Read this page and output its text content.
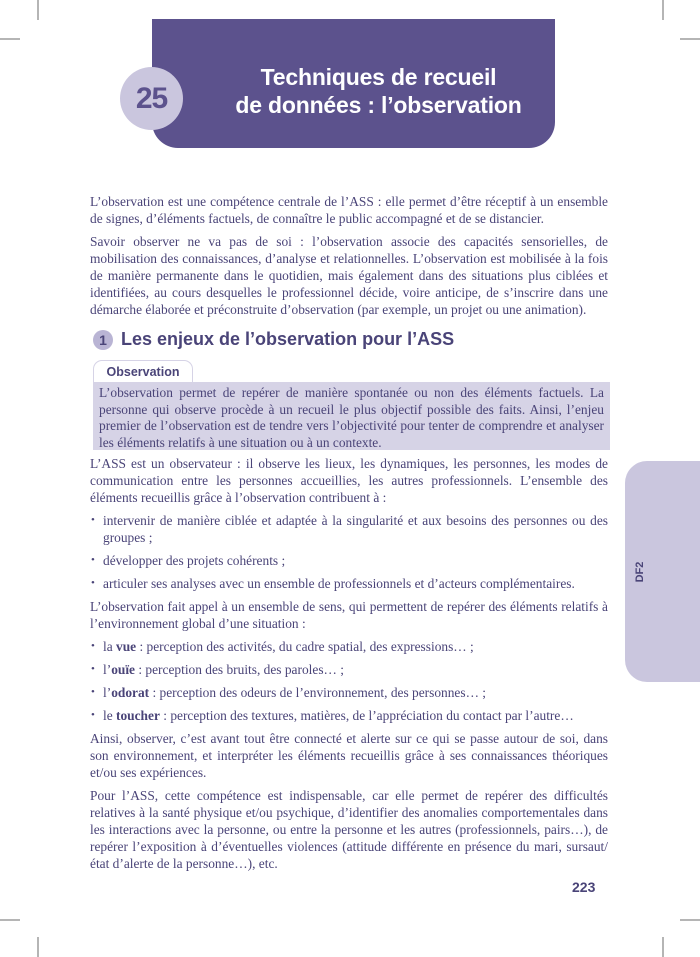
Techniques de recueil
de données : l’observation
25

L’observation est une compétence centrale de l’ASS : elle permet d’être réceptif à un ensemble de signes, d’éléments factuels, de connaître le public accompagné et de se distancier.

Savoir observer ne va pas de soi : l’observation associe des capacités sensorielles, de mobilisation des connaissances, d’analyse et relationnelles. L’observation est mobilisée à la fois de manière permanente dans le quotidien, mais également dans des situations plus ciblées et identifiées, au cours desquelles le professionnel décide, voire anticipe, de s’inscrire dans une démarche élaborée et préconstruite d’observation (par exemple, un projet ou une animation).

1 Les enjeux de l’observation pour l’ASS
Observation
L’observation permet de repérer de manière spontanée ou non des éléments factuels. La personne qui observe procède à un recueil le plus objectif possible des faits. Ainsi, l’enjeu premier de l’observation est de tendre vers l’objectivité pour tenter de comprendre et analyser les éléments relatifs à une situation ou à un contexte.

L’ASS est un observateur : il observe les lieux, les dynamiques, les personnes, les modes de communication entre les personnes accueillies, les autres professionnels. L’ensemble des éléments recueillis grâce à l’observation contribuent à :

• intervenir de manière ciblée et adaptée à la singularité et aux besoins des personnes ou des groupes ;
• développer des projets cohérents ;
• articuler ses analyses avec un ensemble de professionnels et d’acteurs complémentaires.

L’observation fait appel à un ensemble de sens, qui permettent de repérer des éléments relatifs à l’environnement global d’une situation :

• la vue : perception des activités, du cadre spatial, des expressions… ;
• l’ouïe : perception des bruits, des paroles… ;
• l’odorat : perception des odeurs de l’environnement, des personnes… ;
• le toucher : perception des textures, matières, de l’appréciation du contact par l’autre…

Ainsi, observer, c’est avant tout être connecté et alerte sur ce qui se passe autour de soi, dans son environnement, et interpréter les éléments recueillis grâce à ses connaissances théoriques et/ou ses expériences.

Pour l’ASS, cette compétence est indispensable, car elle permet de repérer des difficultés relatives à la santé physique et/ou psychique, d’identifier des anomalies comportementales dans les interactions avec la personne, ou entre la personne et les autres (professionnels, pairs…), de repérer l’exposition à d’éventuelles violences (attitude différente en présence du mari, sursaut/état d’alerte de la personne…), etc.

DF2
223
